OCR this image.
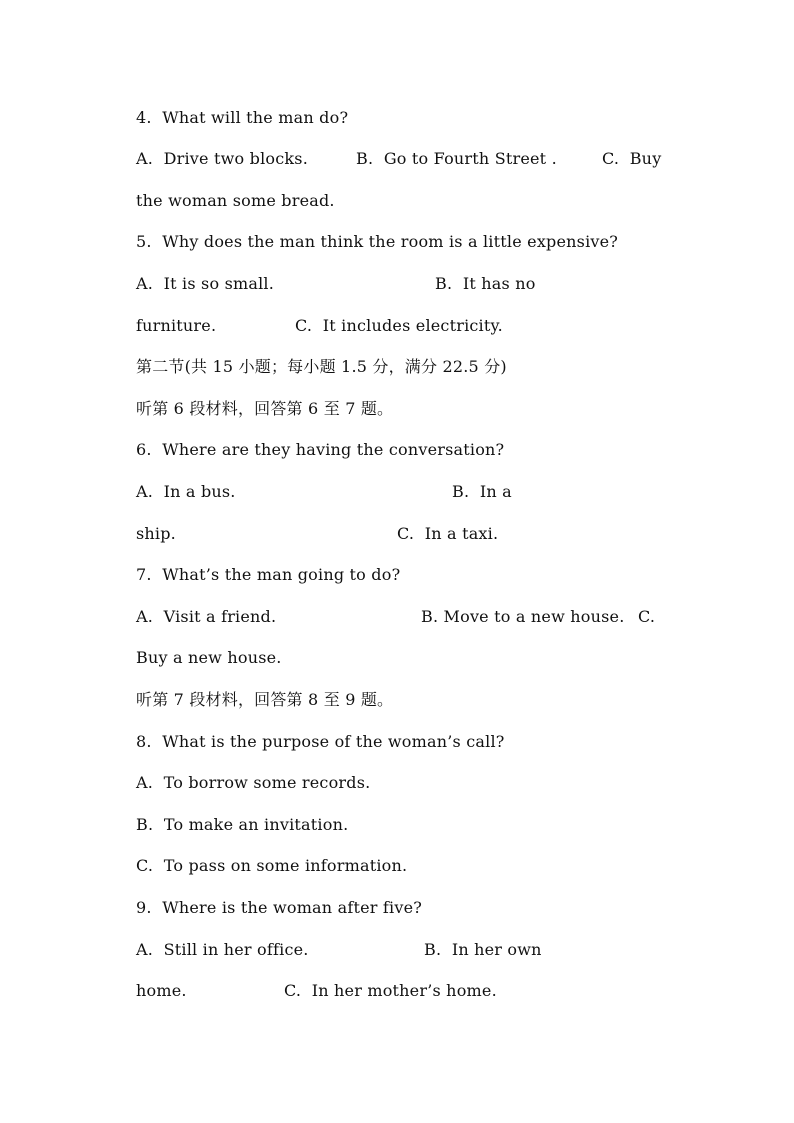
4.  What will the man do?
A.  Drive two blocks.	B.  Go to Fourth Street .	C.  Buy
the woman some bread.
5.  Why does the man think the room is a little expensive?
A.  It is so small.	B.  It has no
furniture.	C.  It includes electricity.
第二节(共 15 小题；每小题 1.5 分，满分 22.5 分)
听第 6 段材料，回答第 6 至 7 题。
6.  Where are they having the conversation?
A.  In a bus.	B.  In a
ship.	C.  In a taxi.
7.  What’s the man going to do?
A.  Visit a friend.	B. Move to a new house. C.
Buy a new house.
听第 7 段材料，回答第 8 至 9 题。
8.  What is the purpose of the woman’s call?
A.  To borrow some records.
B.  To make an invitation.
C.  To pass on some information.
9.  Where is the woman after five?
A.  Still in her office.	B.  In her own
home.	C.  In her mother’s home.
